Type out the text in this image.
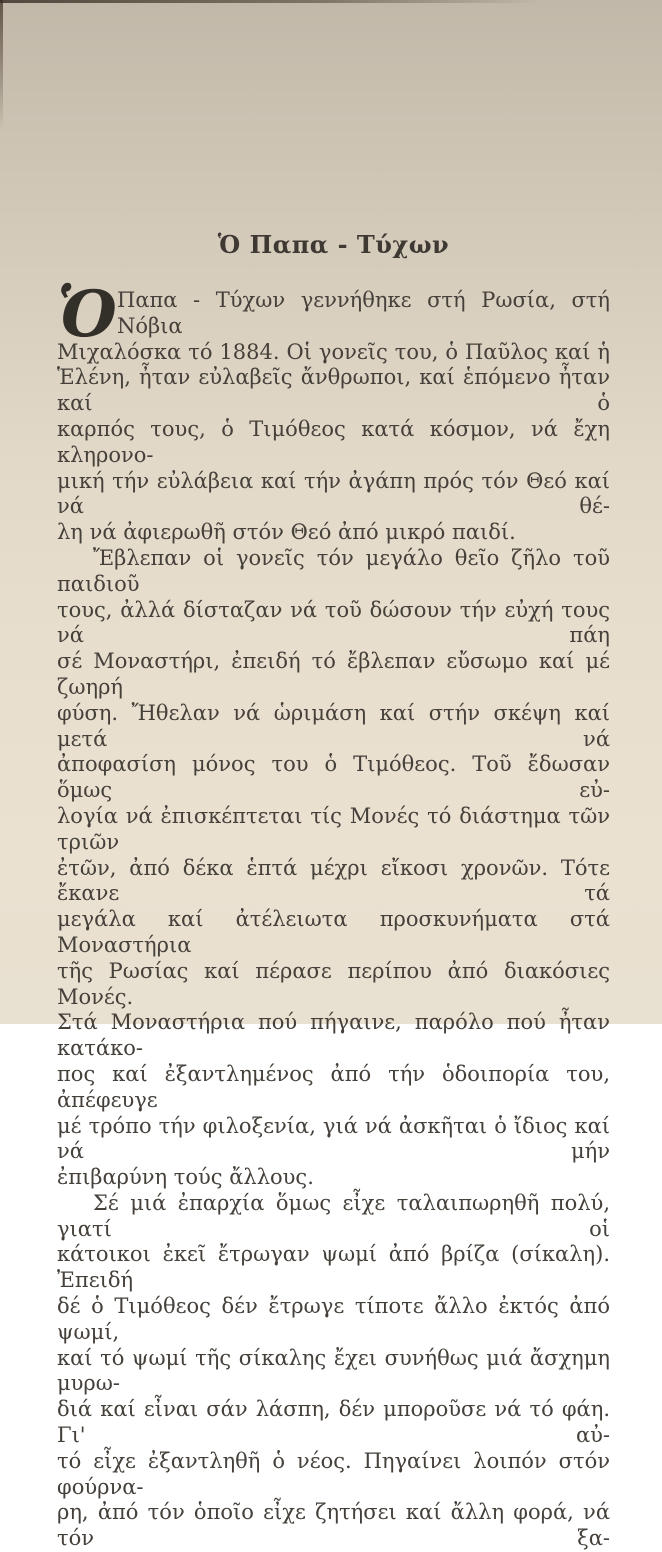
Ὁ Παπα - Τύχων
Ὁ Παπα - Τύχων γεννήθηκε στή Ρωσία, στή Νόβια
Μιχαλόσκα τό 1884. Οἱ γονεῖς του, ὁ Παῦλος καί ἡ
Ἑλένη, ἦταν εὐλαβεῖς ἄνθρωποι, καί ἑπόμενο ἦταν καί ὁ
καρπός τους, ὁ Τιμόθεος κατά κόσμον, νά ἔχη κληρονο-
μική τήν εὐλάβεια καί τήν ἀγάπη πρός τόν Θεό καί νά θέ-
λη νά ἀφιερωθῆ στόν Θεό ἀπό μικρό παιδί.
Ἔβλεπαν οἱ γονεῖς τόν μεγάλο θεῖο ζῆλο τοῦ παιδιοῦ
τους, ἀλλά δίσταζαν νά τοῦ δώσουν τήν εὐχή τους νά πάη
σέ Μοναστήρι, ἐπειδή τό ἔβλεπαν εὔσωμο καί μέ ζωηρή
φύση. Ἤθελαν νά ὡριμάση καί στήν σκέψη καί μετά νά
ἀποφασίση μόνος του ὁ Τιμόθεος. Τοῦ ἔδωσαν ὅμως εὐ-
λογία νά ἐπισκέπτεται τίς Μονές τό διάστημα τῶν τριῶν
ἐτῶν, ἀπό δέκα ἑπτά μέχρι εἴκοσι χρονῶν. Τότε ἔκανε τά
μεγάλα καί ἀτέλειωτα προσκυνήματα στά Μοναστήρια
τῆς Ρωσίας καί πέρασε περίπου ἀπό διακόσιες Μονές.
Στά Μοναστήρια πού πήγαινε, παρόλο πού ἦταν κατάκο-
πος καί ἐξαντλημένος ἀπό τήν ὁδοιπορία του, ἀπέφευγε
μέ τρόπο τήν φιλοξενία, γιά νά ἀσκῆται ὁ ἴδιος καί νά μήν
ἐπιβαρύνη τούς ἄλλους.
Σέ μιά ἐπαρχία ὅμως εἶχε ταλαιπωρηθῆ πολύ, γιατί οἱ
κάτοικοι ἐκεῖ ἔτρωγαν ψωμί ἀπό βρίζα (σίκαλη). Ἐπειδή
δέ ὁ Τιμόθεος δέν ἔτρωγε τίποτε ἄλλο ἐκτός ἀπό ψωμί,
καί τό ψωμί τῆς σίκαλης ἔχει συνήθως μιά ἄσχημη μυρω-
διά καί εἶναι σάν λάσπη, δέν μποροῦσε νά τό φάη. Γι' αὐ-
τό εἶχε ἐξαντληθῆ ὁ νέος. Πηγαίνει λοιπόν στόν φούρνα-
ρη, ἀπό τόν ὁποῖο εἶχε ζητήσει καί ἄλλη φορά, νά τόν ξα-
